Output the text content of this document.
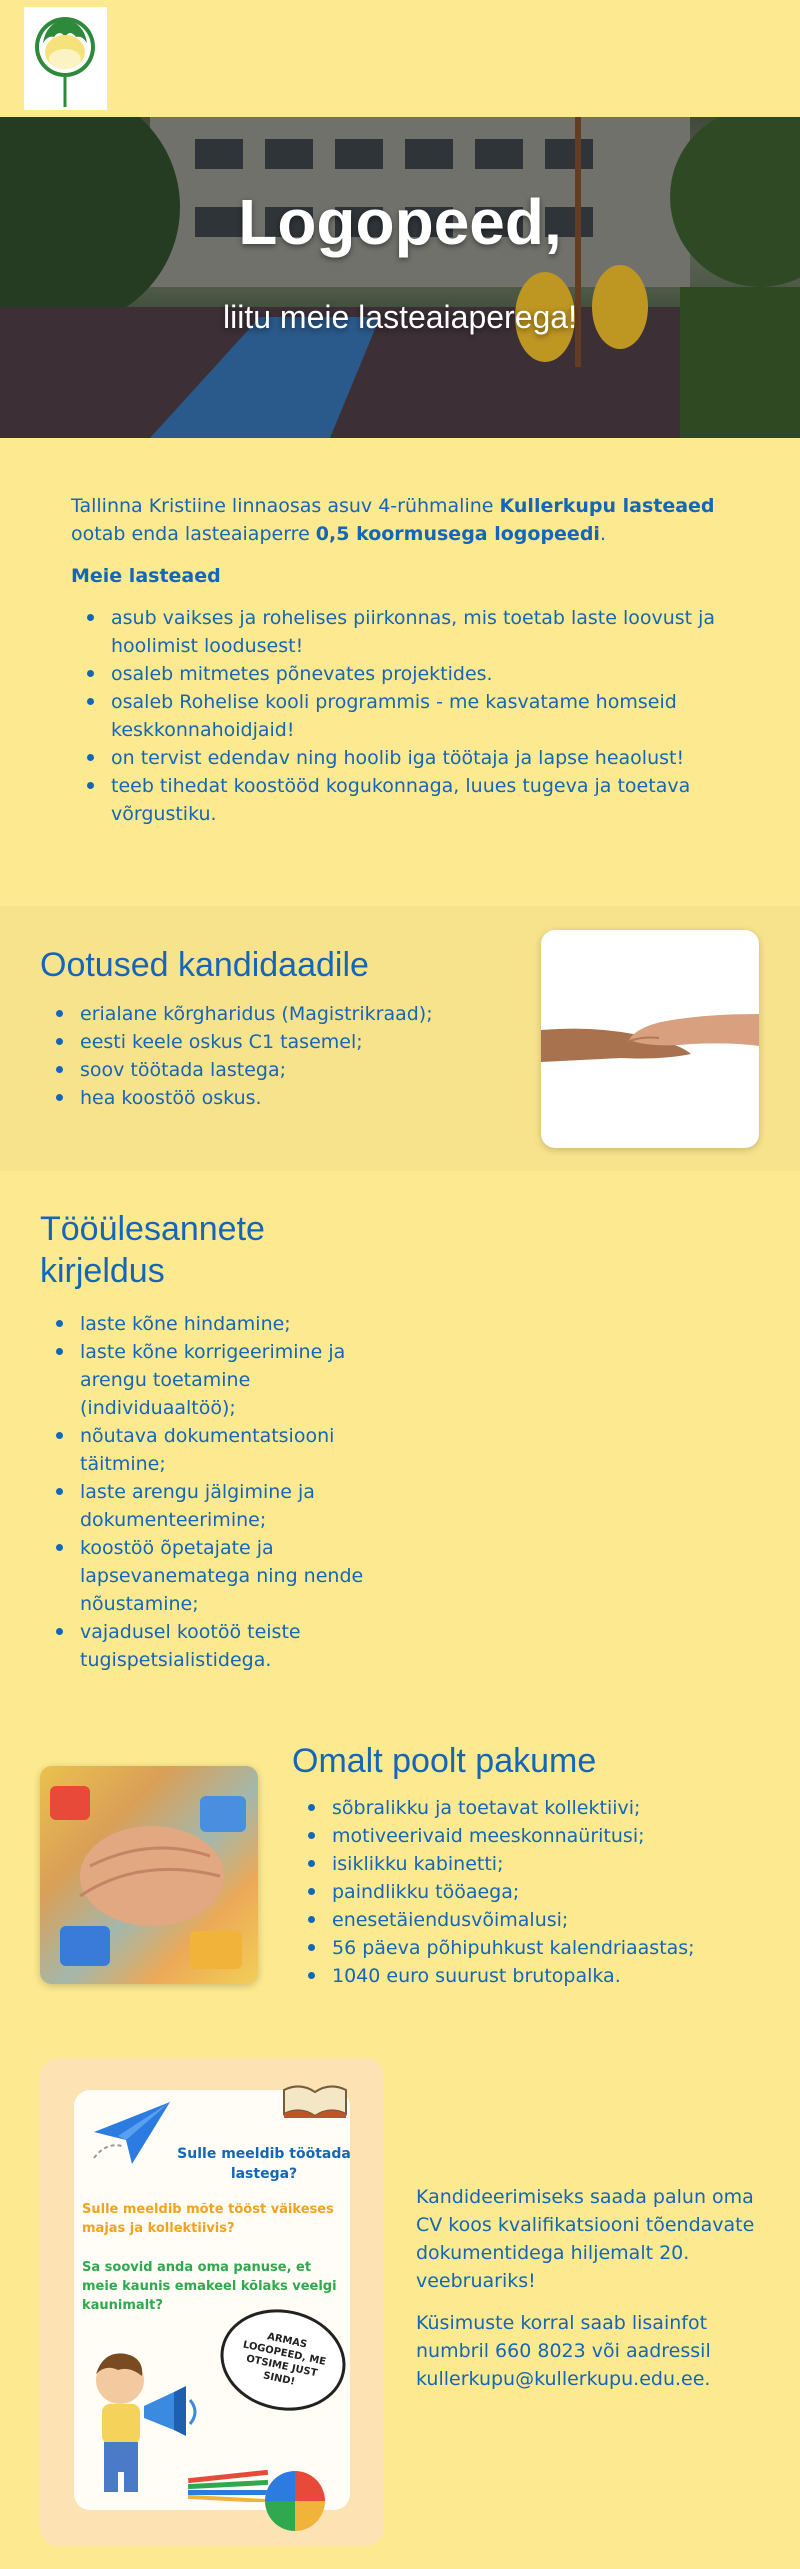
Logopeed,
liitu meie lasteaiaperega!

Tallinna Kristiine linnaosas asuv 4-rühmaline Kullerkupu lasteaed ootab enda lasteaiaperre 0,5 koormusega logopeedi.

Meie lasteaed
asub vaikses ja rohelises piirkonnas, mis toetab laste loovust ja hoolimist loodusest!
osaleb mitmetes põnevates projektides.
osaleb Rohelise kooli programmis - me kasvatame homseid keskkonnahoidjaid!
on tervist edendav ning hoolib iga töötaja ja lapse heaolust!
teeb tihedat koostööd kogukonnaga, luues tugeva ja toetava võrgustiku.
Ootused kandidaadile
erialane kõrgharidus (Magistrikraad);
eesti keele oskus C1 tasemel;
soov töötada lastega;
hea koostöö oskus.
Tööülesannete kirjeldus
laste kõne hindamine;
laste kõne korrigeerimine ja arengu toetamine (individuaaltöö);
nõutava dokumentatsiooni täitmine;
laste arengu jälgimine ja dokumenteerimine;
koostöö õpetajate ja lapsevanematega ning nende nõustamine;
vajadusel kootöö teiste tugispetsialistidega.
Omalt poolt pakume
sõbralikku ja toetavat kollektiivi;
motiveerivaid meeskonnaüritusi;
isiklikku kabinetti;
paindlikku tööaega;
enesetäiendusvõimalusi;
56 päeva põhipuhkust kalendriaastas;
1040 euro suurust brutopalka.
Sulle meeldib töötada lastega?
Sulle meeldib mõte tööst väikeses majas ja kollektiivis?
Sa soovid anda oma panuse, et meie kaunis emakeel kõlaks veelgi kaunimalt?
ARMAS LOGOPEED, ME OTSIME JUST SIND!

Kandideerimiseks saada palun oma CV koos kvalifikatsiooni tõendavate dokumentidega hiljemalt 20. veebruariks!

Küsimuste korral saab lisainfot numbril 660 8023 või aadressil kullerkupu@kullerkupu.edu.ee.
